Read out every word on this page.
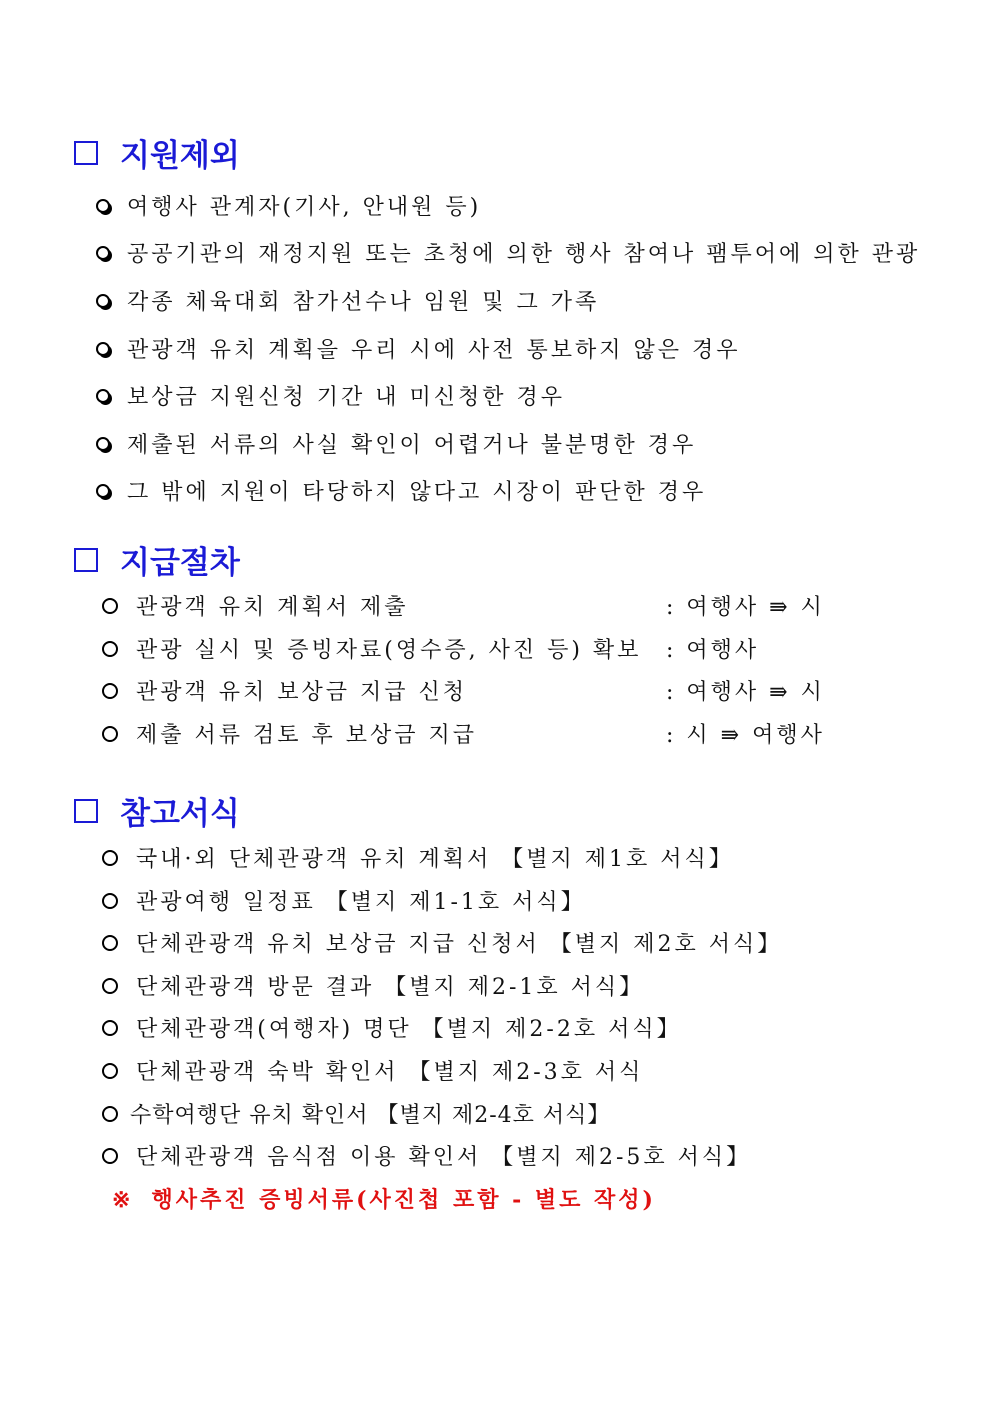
지원제외
여행사 관계자(기사, 안내원 등)
공공기관의 재정지원 또는 초청에 의한 행사 참여나 팸투어에 의한 관광
각종 체육대회 참가선수나 임원 및 그 가족
관광객 유치 계획을 우리 시에 사전 통보하지 않은 경우
보상금 지원신청 기간 내 미신청한 경우
제출된 서류의 사실 확인이 어렵거나 불분명한 경우
그 밖에 지원이 타당하지 않다고 시장이 판단한 경우
지급절차
관광객 유치 계획서 제출	: 여행사 ⇛ 시
관광 실시 및 증빙자료(영수증, 사진 등) 확보 : 여행사
관광객 유치 보상금 지급 신청	: 여행사 ⇛ 시
제출 서류 검토 후 보상금 지급	: 시 ⇛ 여행사
참고서식
국내·외 단체관광객 유치 계획서 【별지 제1호 서식】
관광여행 일정표 【별지 제1-1호 서식】
단체관광객 유치 보상금 지급 신청서 【별지 제2호 서식】
단체관광객 방문 결과 【별지 제2-1호 서식】
단체관광객(여행자) 명단 【별지 제2-2호 서식】
단체관광객 숙박 확인서 【별지 제2-3호 서식
수학여행단 유치 확인서 【별지 제2-4호 서식】
단체관광객 음식점 이용 확인서 【별지 제2-5호 서식】
※ 행사추진 증빙서류(사진첩 포함 - 별도 작성)
